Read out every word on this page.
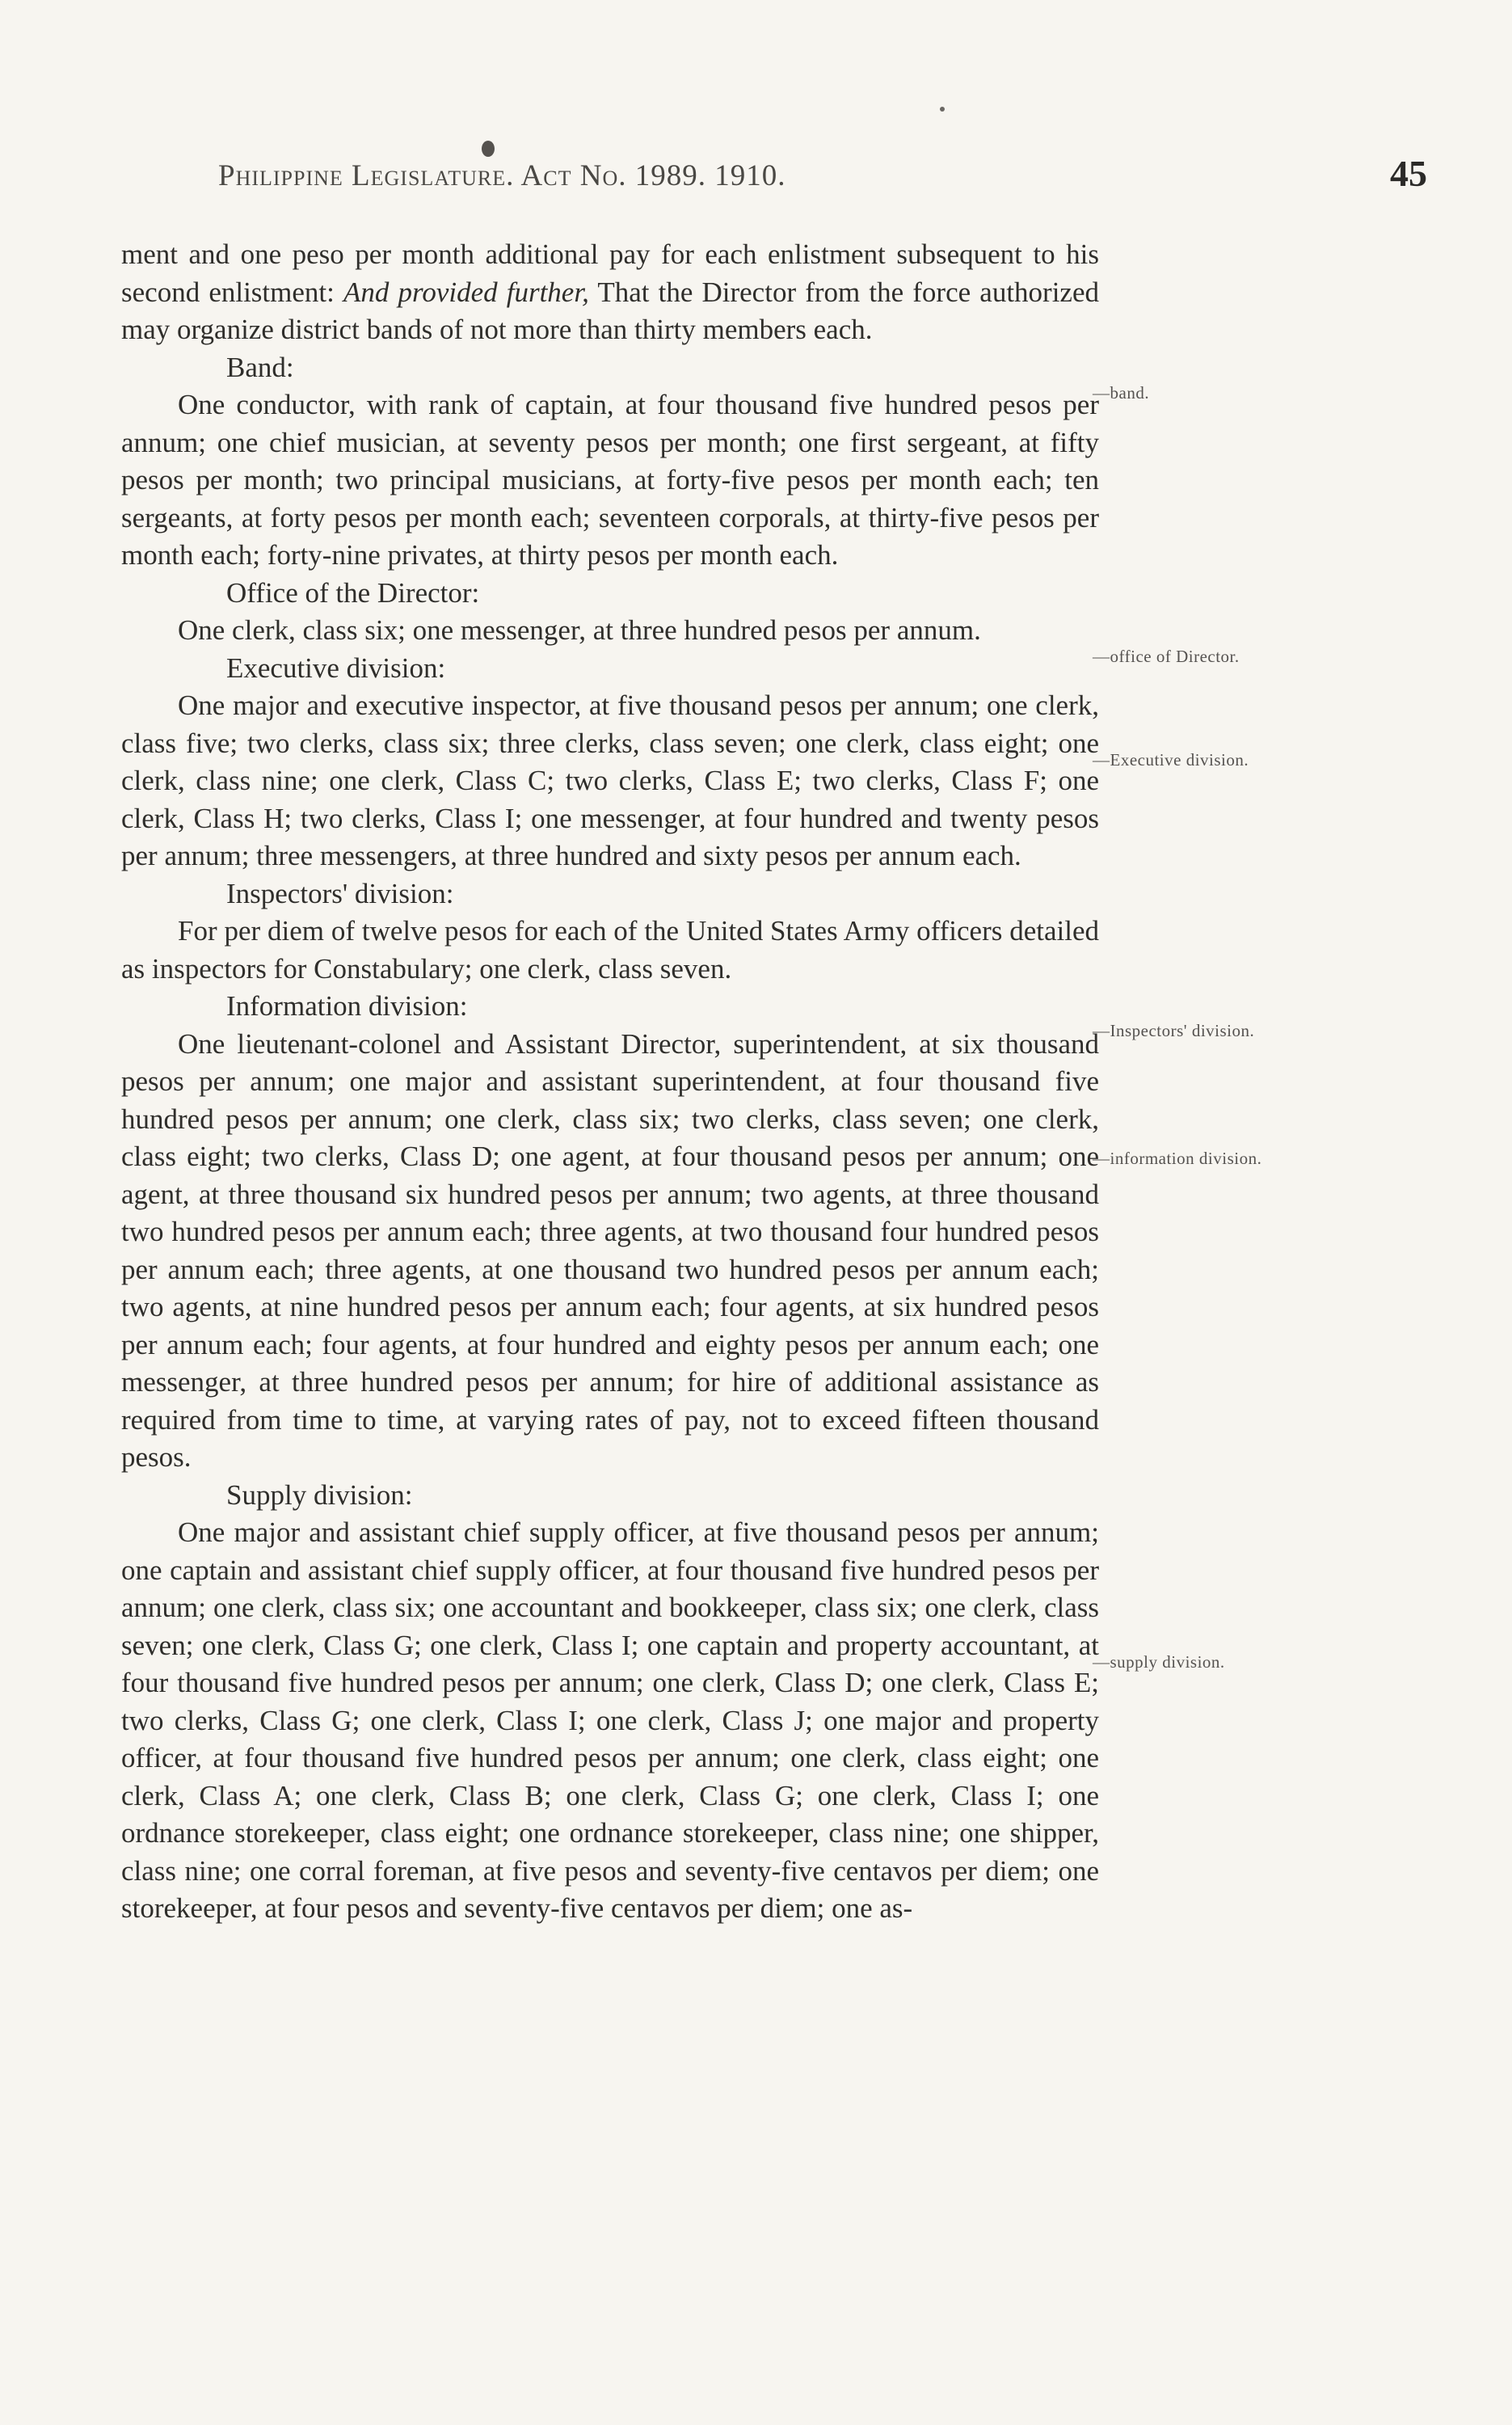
Philippine Legislature. Act No. 1989. 1910.	45

ment and one peso per month additional pay for each enlistment subsequent to his second enlistment: And provided further, That the Director from the force authorized may organize district bands of not more than thirty members each.

Band:

One conductor, with rank of captain, at four thousand five hundred pesos per annum; one chief musician, at seventy pesos per month; one first sergeant, at fifty pesos per month; two principal musicians, at forty-five pesos per month each; ten sergeants, at forty pesos per month each; seventeen corporals, at thirty-five pesos per month each; forty-nine privates, at thirty pesos per month each.

Office of the Director:

One clerk, class six; one messenger, at three hundred pesos per annum.

Executive division:

One major and executive inspector, at five thousand pesos per annum; one clerk, class five; two clerks, class six; three clerks, class seven; one clerk, class eight; one clerk, class nine; one clerk, Class C; two clerks, Class E; two clerks, Class F; one clerk, Class H; two clerks, Class I; one messenger, at four hundred and twenty pesos per annum; three messengers, at three hundred and sixty pesos per annum each.

Inspectors' division:

For per diem of twelve pesos for each of the United States Army officers detailed as inspectors for Constabulary; one clerk, class seven.

Information division:

One lieutenant-colonel and Assistant Director, superintendent, at six thousand pesos per annum; one major and assistant superintendent, at four thousand five hundred pesos per annum; one clerk, class six; two clerks, class seven; one clerk, class eight; two clerks, Class D; one agent, at four thousand pesos per annum; one agent, at three thousand six hundred pesos per annum; two agents, at three thousand two hundred pesos per annum each; three agents, at two thousand four hundred pesos per annum each; three agents, at one thousand two hundred pesos per annum each; two agents, at nine hundred pesos per annum each; four agents, at six hundred pesos per annum each; four agents, at four hundred and eighty pesos per annum each; one messenger, at three hundred pesos per annum; for hire of additional assistance as required from time to time, at varying rates of pay, not to exceed fifteen thousand pesos.

Supply division:

One major and assistant chief supply officer, at five thousand pesos per annum; one captain and assistant chief supply officer, at four thousand five hundred pesos per annum; one clerk, class six; one accountant and bookkeeper, class six; one clerk, class seven; one clerk, Class G; one clerk, Class I; one captain and property accountant, at four thousand five hundred pesos per annum; one clerk, Class D; one clerk, Class E; two clerks, Class G; one clerk, Class I; one clerk, Class J; one major and property officer, at four thousand five hundred pesos per annum; one clerk, class eight; one clerk, Class A; one clerk, Class B; one clerk, Class G; one clerk, Class I; one ordnance storekeeper, class eight; one ordnance storekeeper, class nine; one shipper, class nine; one corral foreman, at five pesos and seventy-five centavos per diem; one storekeeper, at four pesos and seventy-five centavos per diem; one as-

—band.
—office of Director.
—Executive division.
—Inspectors' division.
—information division.
—supply division.
